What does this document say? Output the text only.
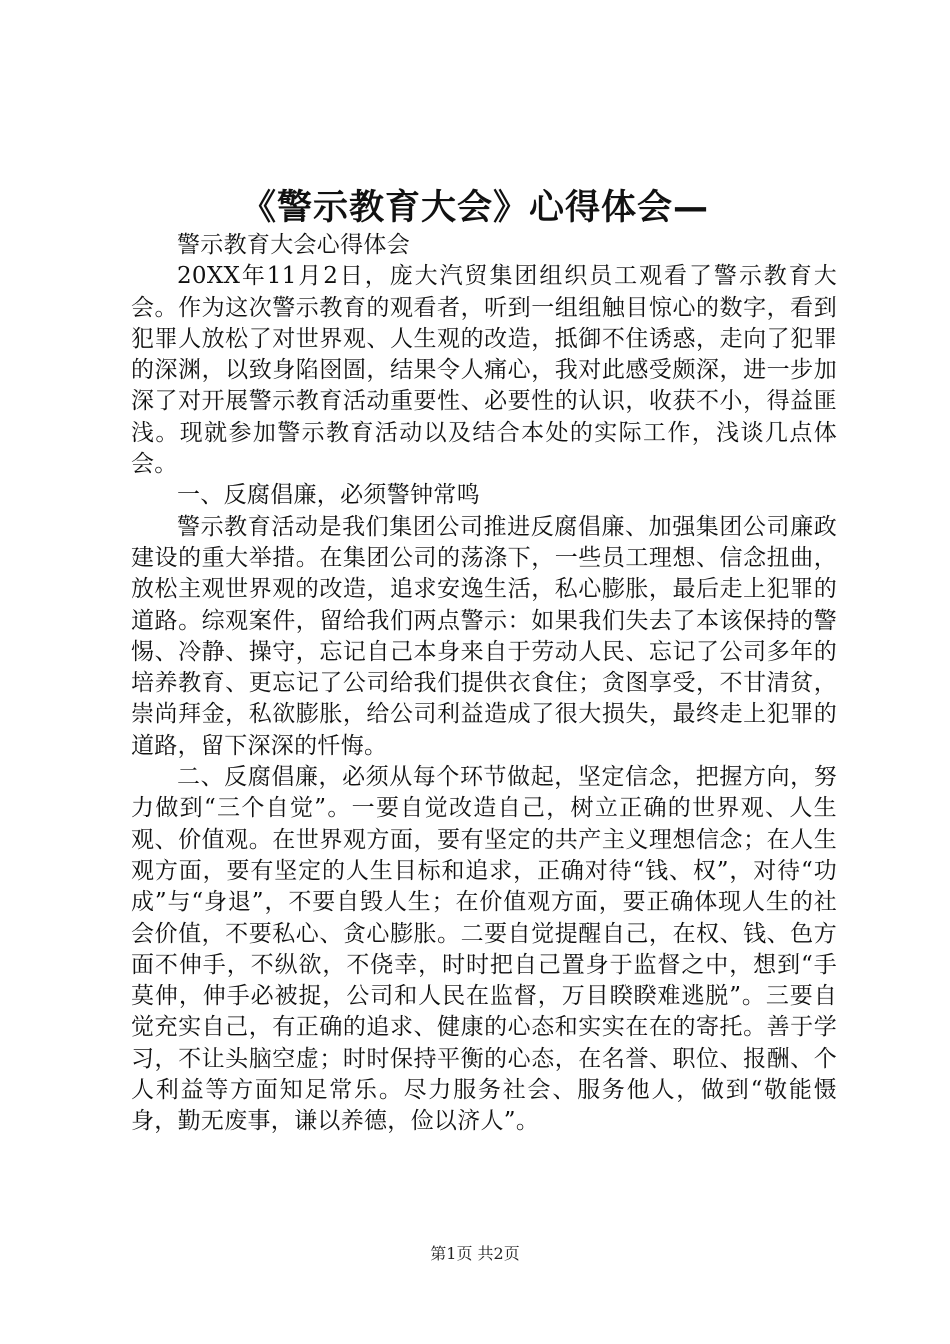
《警示教育大会》心得体会—

警示教育大会心得体会

20XX年11月2日，庞大汽贸集团组织员工观看了警示教育大会。作为这次警示教育的观看者，听到一组组触目惊心的数字，看到犯罪人放松了对世界观、人生观的改造，抵御不住诱惑，走向了犯罪的深渊，以致身陷囹圄，结果令人痛心，我对此感受颇深，进一步加深了对开展警示教育活动重要性、必要性的认识，收获不小，得益匪浅。现就参加警示教育活动以及结合本处的实际工作，浅谈几点体会。

一、反腐倡廉，必须警钟常鸣

警示教育活动是我们集团公司推进反腐倡廉、加强集团公司廉政建设的重大举措。在集团公司的荡涤下，一些员工理想、信念扭曲，放松主观世界观的改造，追求安逸生活，私心膨胀，最后走上犯罪的道路。综观案件，留给我们两点警示：如果我们失去了本该保持的警惕、冷静、操守，忘记自己本身来自于劳动人民、忘记了公司多年的培养教育、更忘记了公司给我们提供衣食住；贪图享受，不甘清贫，崇尚拜金，私欲膨胀，给公司利益造成了很大损失，最终走上犯罪的道路，留下深深的忏悔。

二、反腐倡廉，必须从每个环节做起，坚定信念，把握方向，努力做到“三个自觉”。一要自觉改造自己，树立正确的世界观、人生观、价值观。在世界观方面，要有坚定的共产主义理想信念；在人生观方面，要有坚定的人生目标和追求，正确对待“钱、权”，对待“功成”与“身退”，不要自毁人生；在价值观方面，要正确体现人生的社会价值，不要私心、贪心膨胀。二要自觉提醒自己，在权、钱、色方面不伸手，不纵欲，不侥幸，时时把自己置身于监督之中，想到“手莫伸，伸手必被捉，公司和人民在监督，万目睽睽难逃脱”。三要自觉充实自己，有正确的追求、健康的心态和实实在在的寄托。善于学习，不让头脑空虚；时时保持平衡的心态，在名誉、职位、报酬、个人利益等方面知足常乐。尽力服务社会、服务他人，做到“敬能慑身，勤无废事，谦以养德，俭以济人”。

第1页 共2页
